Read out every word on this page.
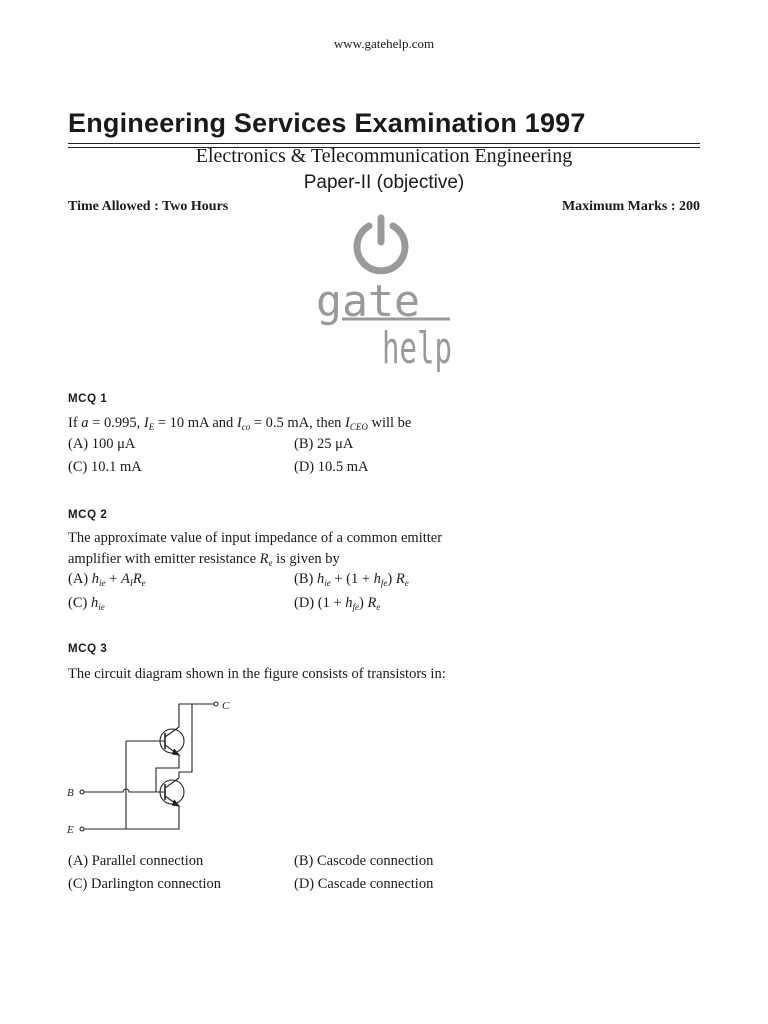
www.gatehelp.com
Engineering Services Examination 1997
Electronics & Telecommunication Engineering
Paper-II (objective)
Time Allowed : Two Hours	Maximum Marks : 200
gate
help
MCQ 1
If a = 0.995, $I_E = 10$ mA and $I_{co} = 0.5$ mA, then $I_{CEO}$ will be
(A) 100 μA	(B) 25 μA
(C) 10.1 mA	(D) 10.5 mA
MCQ 2
The approximate value of input impedance of a common emitter
amplifier with emitter resistance $R_e$ is given by
(A) $h_{ie} + A_IR_e$	(B) $h_{ie} + (1 + h_{fe})$ $R_e$
(C) $h_{ie}$	(D) $(1 + h_{fe})$ $R_e$
MCQ 3
The circuit diagram shown in the figure consists of transistors in:
C
B
E
(A) Parallel connection	(B) Cascode connection
(C) Darlington connection	(D) Cascade connection
